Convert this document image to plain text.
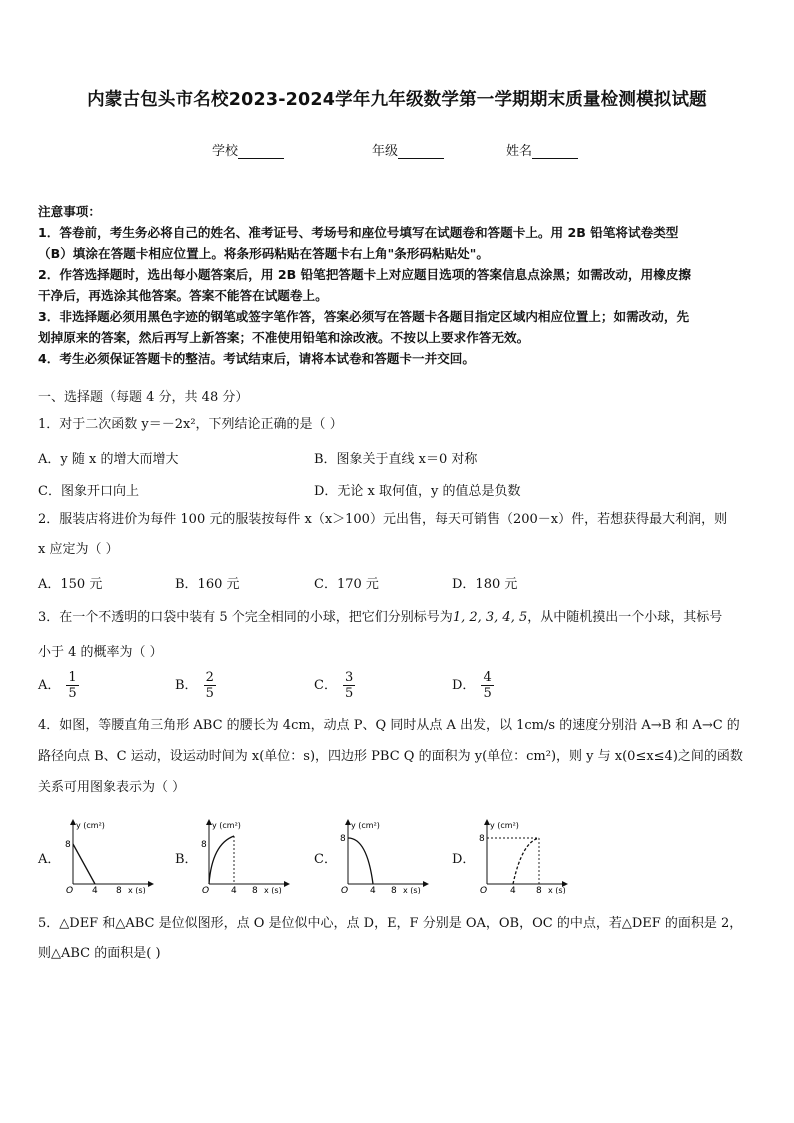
内蒙古包头市名校2023-2024学年九年级数学第一学期期末质量检测模拟试题
学校	年级	姓名
注意事项：
1．答卷前，考生务必将自己的姓名、准考证号、考场号和座位号填写在试题卷和答题卡上。用 2B 铅笔将试卷类型
（B）填涂在答题卡相应位置上。将条形码粘贴在答题卡右上角"条形码粘贴处"。
2．作答选择题时，选出每小题答案后，用 2B 铅笔把答题卡上对应题目选项的答案信息点涂黑；如需改动，用橡皮擦
干净后，再选涂其他答案。答案不能答在试题卷上。
3．非选择题必须用黑色字迹的钢笔或签字笔作答，答案必须写在答题卡各题目指定区域内相应位置上；如需改动，先
划掉原来的答案，然后再写上新答案；不准使用铅笔和涂改液。不按以上要求作答无效。
4．考生必须保证答题卡的整洁。考试结束后，请将本试卷和答题卡一并交回。
一、选择题（每题 4 分，共 48 分）
1．对于二次函数 y＝－2x²，下列结论正确的是（ ）
A．y 随 x 的增大而增大	B．图象关于直线 x＝0 对称
C．图象开口向上	D．无论 x 取何值，y 的值总是负数
2．服装店将进价为每件 100 元的服装按每件 x（x＞100）元出售，每天可销售（200－x）件，若想获得最大利润，则
x 应定为（ ）
A．150 元	B．160 元	C．170 元	D．180 元
3．在一个不透明的口袋中装有 5 个完全相同的小球，把它们分别标号为1, 2, 3, 4, 5，从中随机摸出一个小球，其标号
小于 4 的概率为（ ）
A． $\frac{1}{5}$	B． $\frac{2}{5}$	C． $\frac{3}{5}$	D． $\frac{4}{5}$
4．如图，等腰直角三角形 ABC 的腰长为 4cm，动点 P、Q 同时从点 A 出发，以 1cm/s 的速度分别沿 A→B 和 A→C 的
路径向点 B、C 运动，设运动时间为 x(单位：s)，四边形 PBC Q 的面积为 y(单位：cm²)，则 y 与 x(0≤x≤4)之间的函数
关系可用图象表示为（ ）
A．	B．	C．	D．
y (cm²)
8
O 4 8 x (s)
y (cm²)
8
O 4 8 x (s)
y (cm²)
8
O 4 8 x (s)
y (cm²)
8
O	4 8 x (s)
5．△DEF 和△ABC 是位似图形，点 O 是位似中心，点 D，E，F 分别是 OA，OB，OC 的中点，若△DEF 的面积是 2，
则△ABC 的面积是( )
